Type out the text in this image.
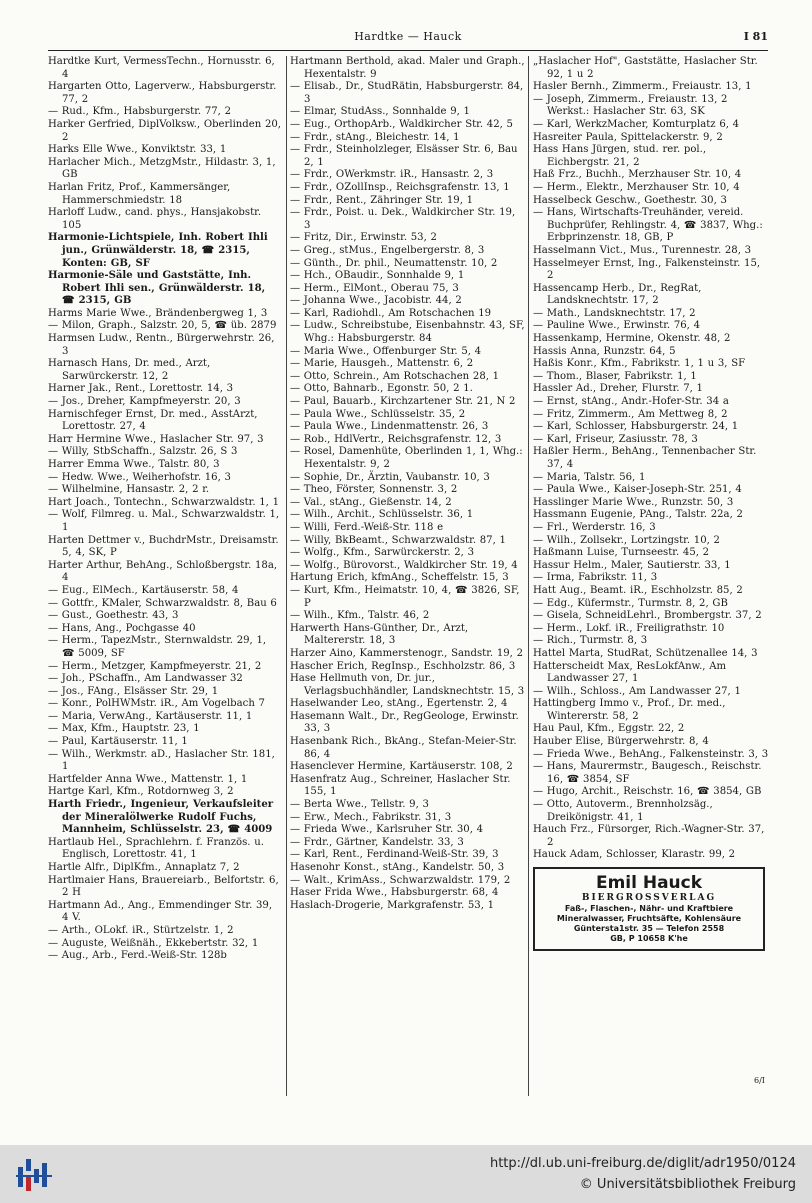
Hardtke — Hauck	I 81

Hardtke Kurt, VermessTechn., Hornusstr. 6, 4

Hargarten Otto, Lagerverw., Habsburgerstr. 77, 2

— Rud., Kfm., Habsburgerstr. 77, 2

Harker Gerfried, DiplVolksw., Oberlinden 20, 2

Harks Elle Wwe., Konviktstr. 33, 1

Harlacher Mich., MetzgMstr., Hildastr. 3, 1, GB

Harlan Fritz, Prof., Kammersänger, Hammerschmiedstr. 18

Harloff Ludw., cand. phys., Hansjakobstr. 105

Harmonie-Lichtspiele, Inh. Robert Ihli jun., Grünwälderstr. 18, ☎ 2315, Konten: GB, SF

Harmonie-Säle und Gaststätte, Inh. Robert Ihli sen., Grünwälderstr. 18, ☎ 2315, GB

Harms Marie Wwe., Brändenbergweg 1, 3

— Milon, Graph., Salzstr. 20, 5, ☎ üb. 2879

Harmsen Ludw., Rentn., Bürgerwehrstr. 26, 3

Harnasch Hans, Dr. med., Arzt, Sarwürckerstr. 12, 2

Harner Jak., Rent., Lorettostr. 14, 3

— Jos., Dreher, Kampfmeyerstr. 20, 3

Harnischfeger Ernst, Dr. med., AsstArzt, Lorettostr. 27, 4

Harr Hermine Wwe., Haslacher Str. 97, 3

— Willy, StbSchaffn., Salzstr. 26, S 3

Harrer Emma Wwe., Talstr. 80, 3

— Hedw. Wwe., Weiherhofstr. 16, 3

— Wilhelmine, Hansastr. 2, 2 r.

Hart Joach., Tontechn., Schwarzwaldstr. 1, 1

— Wolf, Filmreg. u. Mal., Schwarzwaldstr. 1, 1

Harten Dettmer v., BuchdrMstr., Dreisamstr. 5, 4, SK, P

Harter Arthur, BehAng., Schloßbergstr. 18a, 4

— Eug., ElMech., Kartäuserstr. 58, 4

— Gottfr., KMaler, Schwarzwaldstr. 8, Bau 6

— Gust., Goethestr. 43, 3

— Hans, Ang., Pochgasse 40

— Herm., TapezMstr., Sternwaldstr. 29, 1, ☎ 5009, SF

— Herm., Metzger, Kampfmeyerstr. 21, 2

— Joh., PSchaffn., Am Landwasser 32

— Jos., FAng., Elsässer Str. 29, 1

— Konr., PolHWMstr. iR., Am Vogelbach 7

— Maria, VerwAng., Kartäuserstr. 11, 1

— Max, Kfm., Hauptstr. 23, 1

— Paul, Kartäuserstr. 11, 1

— Wilh., Werkmstr. aD., Haslacher Str. 181, 1

Hartfelder Anna Wwe., Mattenstr. 1, 1

Hartge Karl, Kfm., Rotdornweg 3, 2

Harth Friedr., Ingenieur, Verkaufsleiter der Mineralölwerke Rudolf Fuchs, Mannheim, Schlüsselstr. 23, ☎ 4009

Hartlaub Hel., Sprachlehrn. f. Französ. u. Englisch, Lorettostr. 41, 1

Hartle Alfr., DiplKfm., Annaplatz 7, 2

Hartlmaier Hans, Brauereiarb., Belfortstr. 6, 2 H

Hartmann Ad., Ang., Emmendinger Str. 39, 4 V.

— Arth., OLokf. iR., Stürtzelstr. 1, 2

— Auguste, Weißnäh., Ekkebertstr. 32, 1

— Aug., Arb., Ferd.-Weiß-Str. 128b

Hartmann Berthold, akad. Maler und Graph., Hexentalstr. 9

— Elisab., Dr., StudRätin, Habsburgerstr. 84, 3

— Elmar, StudAss., Sonnhalde 9, 1

— Eug., OrthopArb., Waldkircher Str. 42, 5

— Frdr., stAng., Bleichestr. 14, 1

— Frdr., Steinholzleger, Elsässer Str. 6, Bau 2, 1

— Frdr., OWerkmstr. iR., Hansastr. 2, 3

— Frdr., OZollInsp., Reichsgrafenstr. 13, 1

— Frdr., Rent., Zähringer Str. 19, 1

— Frdr., Poist. u. Dek., Waldkircher Str. 19, 3

— Fritz, Dir., Erwinstr. 53, 2

— Greg., stMus., Engelbergerstr. 8, 3

— Günth., Dr. phil., Neumattenstr. 10, 2

— Hch., OBaudir., Sonnhalde 9, 1

— Herm., ElMont., Oberau 75, 3

— Johanna Wwe., Jacobistr. 44, 2

— Karl, Radiohdl., Am Rotschachen 19

— Ludw., Schreibstube, Eisenbahnstr. 43, SF, Whg.: Habsburgerstr. 84

— Maria Wwe., Offenburger Str. 5, 4

— Marie, Hausgeh., Mattenstr. 6, 2

— Otto, Schrein., Am Rotschachen 28, 1

— Otto, Bahnarb., Egonstr. 50, 2 1.

— Paul, Bauarb., Kirchzartener Str. 21, N 2

— Paula Wwe., Schlüsselstr. 35, 2

— Paula Wwe., Lindenmattenstr. 26, 3

— Rob., HdlVertr., Reichsgrafenstr. 12, 3

— Rosel, Damenhüte, Oberlinden 1, 1, Whg.: Hexentalstr. 9, 2

— Sophie, Dr., Ärztin, Vaubanstr. 10, 3

— Theo, Förster, Sonnenstr. 3, 2

— Val., stAng., Gießenstr. 14, 2

— Wilh., Archit., Schlüsselstr. 36, 1

— Willi, Ferd.-Weiß-Str. 118 e

— Willy, BkBeamt., Schwarzwaldstr. 87, 1

— Wolfg., Kfm., Sarwürckerstr. 2, 3

— Wolfg., Bürovorst., Waldkircher Str. 19, 4

Hartung Erich, kfmAng., Scheffelstr. 15, 3

— Kurt, Kfm., Heimatstr. 10, 4, ☎ 3826, SF, P

— Wilh., Kfm., Talstr. 46, 2

Harwerth Hans-Günther, Dr., Arzt, Maltererstr. 18, 3

Harzer Aino, Kammerstenogr., Sandstr. 19, 2

Hascher Erich, RegInsp., Eschholzstr. 86, 3

Hase Hellmuth von, Dr. jur., Verlagsbuchhändler, Landsknechtstr. 15, 3

Haselwander Leo, stAng., Egertenstr. 2, 4

Hasemann Walt., Dr., RegGeologe, Erwinstr. 33, 3

Hasenbank Rich., BkAng., Stefan-Meier-Str. 86, 4

Hasenclever Hermine, Kartäuserstr. 108, 2

Hasenfratz Aug., Schreiner, Haslacher Str. 155, 1

— Berta Wwe., Tellstr. 9, 3

— Erw., Mech., Fabrikstr. 31, 3

— Frieda Wwe., Karlsruher Str. 30, 4

— Frdr., Gärtner, Kandelstr. 33, 3

— Karl, Rent., Ferdinand-Weiß-Str. 39, 3

Hasenohr Konst., stAng., Kandelstr. 50, 3

— Walt., KrimAss., Schwarzwaldstr. 179, 2

Haser Frida Wwe., Habsburgerstr. 68, 4

Haslach-Drogerie, Markgrafenstr. 53, 1

„Haslacher Hof", Gaststätte, Haslacher Str. 92, 1 u 2

Hasler Bernh., Zimmerm., Freiaustr. 13, 1

— Joseph, Zimmerm., Freiaustr. 13, 2 Werkst.: Haslacher Str. 63, SK

— Karl, WerkzMacher, Komturplatz 6, 4

Hasreiter Paula, Spittelackerstr. 9, 2

Hass Hans Jürgen, stud. rer. pol., Eichbergstr. 21, 2

Haß Frz., Buchh., Merzhauser Str. 10, 4

— Herm., Elektr., Merzhauser Str. 10, 4

Hasselbeck Geschw., Goethestr. 30, 3

— Hans, Wirtschafts-Treuhänder, vereid. Buchprüfer, Rehlingstr. 4, ☎ 3837, Whg.: Erbprinzenstr. 18, GB, P

Hasselmann Vict., Mus., Turennestr. 28, 3

Hasselmeyer Ernst, Ing., Falkensteinstr. 15, 2

Hassencamp Herb., Dr., RegRat, Landsknechtstr. 17, 2

— Math., Landsknechtstr. 17, 2

— Pauline Wwe., Erwinstr. 76, 4

Hassenkamp, Hermine, Okenstr. 48, 2

Hassis Anna, Runzstr. 64, 5

Haßis Konr., Kfm., Fabrikstr. 1, 1 u 3, SF

— Thom., Blaser, Fabrikstr. 1, 1

Hassler Ad., Dreher, Flurstr. 7, 1

— Ernst, stAng., Andr.-Hofer-Str. 34 a

— Fritz, Zimmerm., Am Mettweg 8, 2

— Karl, Schlosser, Habsburgerstr. 24, 1

— Karl, Friseur, Zasiusstr. 78, 3

Haßler Herm., BehAng., Tennenbacher Str. 37, 4

— Maria, Talstr. 56, 1

— Paula Wwe., Kaiser-Joseph-Str. 251, 4

Hasslinger Marie Wwe., Runzstr. 50, 3

Hassmann Eugenie, PAng., Talstr. 22a, 2

— Frl., Werderstr. 16, 3

— Wilh., Zollsekr., Lortzingstr. 10, 2

Haßmann Luise, Turnseestr. 45, 2

Hassur Helm., Maler, Sautierstr. 33, 1

— Irma, Fabrikstr. 11, 3

Hatt Aug., Beamt. iR., Eschholzstr. 85, 2

— Edg., Küfermstr., Turmstr. 8, 2, GB

— Gisela, SchneidLehrl., Brombergstr. 37, 2

— Herm., Lokf. iR., Freiligrathstr. 10

— Rich., Turmstr. 8, 3

Hattel Marta, StudRat, Schützenallee 14, 3

Hatterscheidt Max, ResLokfAnw., Am Landwasser 27, 1

— Wilh., Schloss., Am Landwasser 27, 1

Hattingberg Immo v., Prof., Dr. med., Wintererstr. 58, 2

Hau Paul, Kfm., Eggstr. 22, 2

Hauber Elise, Bürgerwehrstr. 8, 4

— Frieda Wwe., BehAng., Falkensteinstr. 3, 3

— Hans, Maurermstr., Baugesch., Reischstr. 16, ☎ 3854, SF

— Hugo, Archit., Reischstr. 16, ☎ 3854, GB

— Otto, Autoverm., Brennholzsäg., Dreikönigstr. 41, 1

Hauch Frz., Fürsorger, Rich.-Wagner-Str. 37, 2

Hauck Adam, Schlosser, Klarastr. 99, 2

Emil Hauck
BIERGROSSVERLAG
Faß-, Flaschen-, Nähr- und Kraftbiere
Mineralwasser, Fruchtsäfte, Kohlensäure
Güntersta1str. 35 — Telefon 2558
GB, P 10658 K'he
6/I
http://dl.ub.uni-freiburg.de/diglit/adr1950/0124
© Universitätsbibliothek Freiburg
